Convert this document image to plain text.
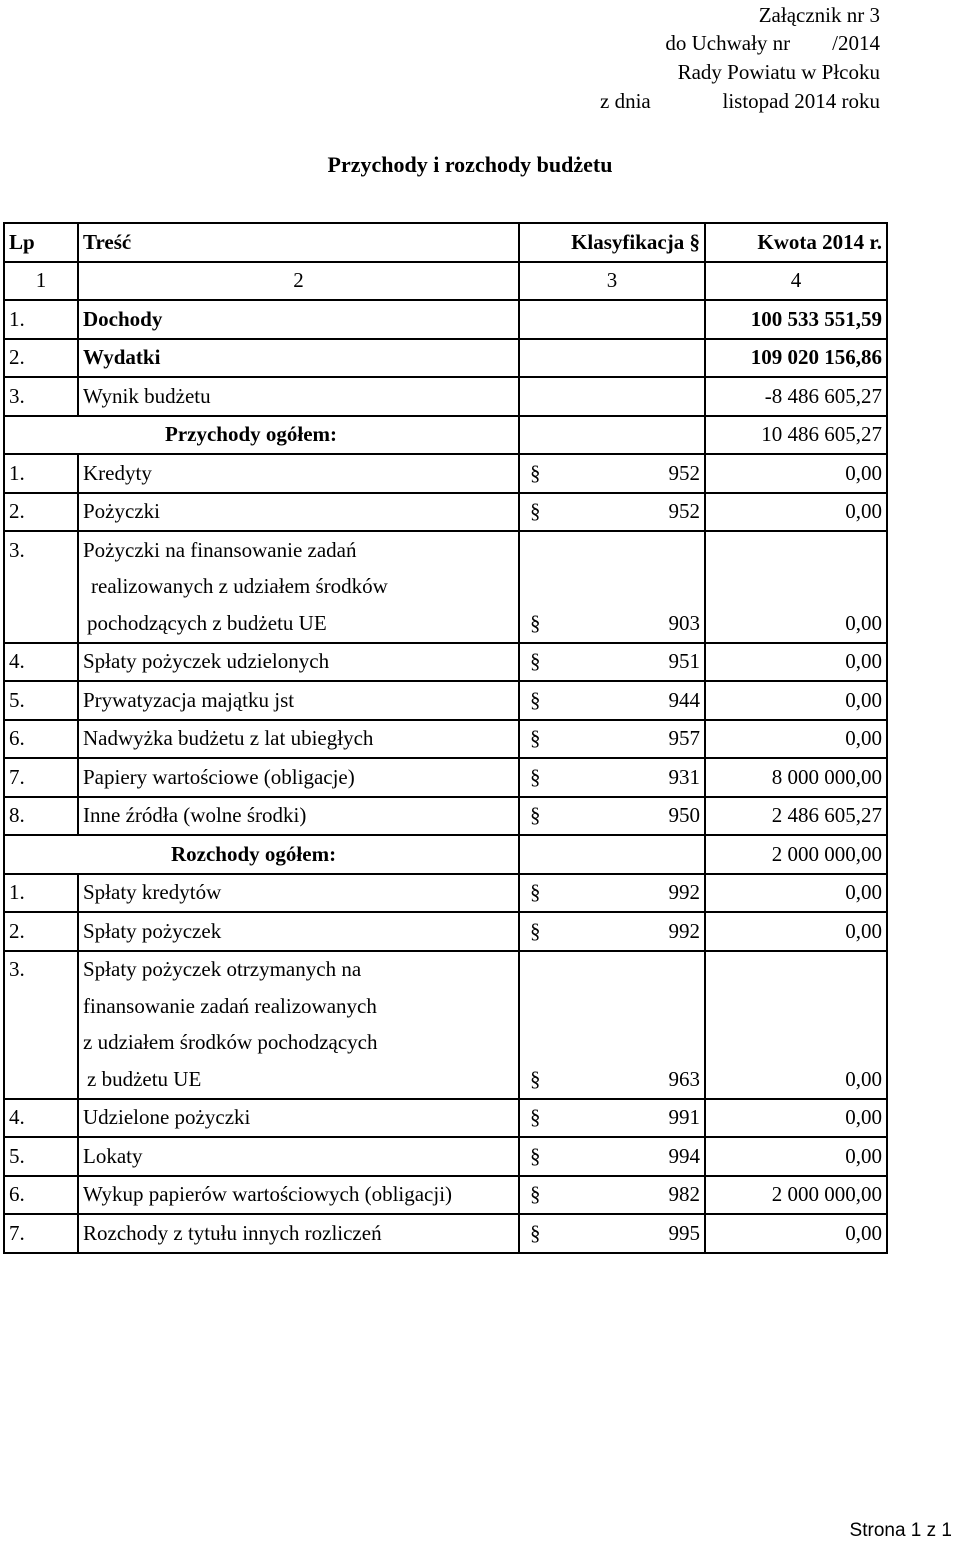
Załącznik nr 3
do Uchwały nr        /2014
Rady Powiatu w Płcoku
z dnia	listopad 2014 roku
Przychody i rozchody budżetu
Lp	Treść	Klasyfikacja §	Kwota 2014 r.
1	2	3	4
1.	Dochody		100 533 551,59
2.	Wydatki		109 020 156,86
3.	Wynik budżetu		-8 486 605,27
Przychody ogółem:			10 486 605,27
1.	Kredyty	§ 952	0,00
2.	Pożyczki	§ 952	0,00
3.	Pożyczki na finansowanie zadań		
	realizowanych z udziałem środków		
	pochodzących z budżetu UE	§ 903	0,00
4.	Spłaty pożyczek udzielonych	§ 951	0,00
5.	Prywatyzacja majątku jst	§ 944	0,00
6.	Nadwyżka budżetu z lat ubiegłych	§ 957	0,00
7.	Papiery wartościowe (obligacje)	§ 931	8 000 000,00
8.	Inne źródła (wolne środki)	§ 950	2 486 605,27
Rozchody ogółem:			2 000 000,00
1.	Spłaty kredytów	§ 992	0,00
2.	Spłaty pożyczek	§ 992	0,00
3.	Spłaty pożyczek otrzymanych na		
	finansowanie zadań realizowanych		
	z udziałem środków pochodzących		
	z budżetu UE	§ 963	0,00
4.	Udzielone pożyczki	§ 991	0,00
5.	Lokaty	§ 994	0,00
6.	Wykup papierów wartościowych (obligacji)	§ 982	2 000 000,00
7.	Rozchody z tytułu innych rozliczeń	§ 995	0,00
Strona 1 z 1
